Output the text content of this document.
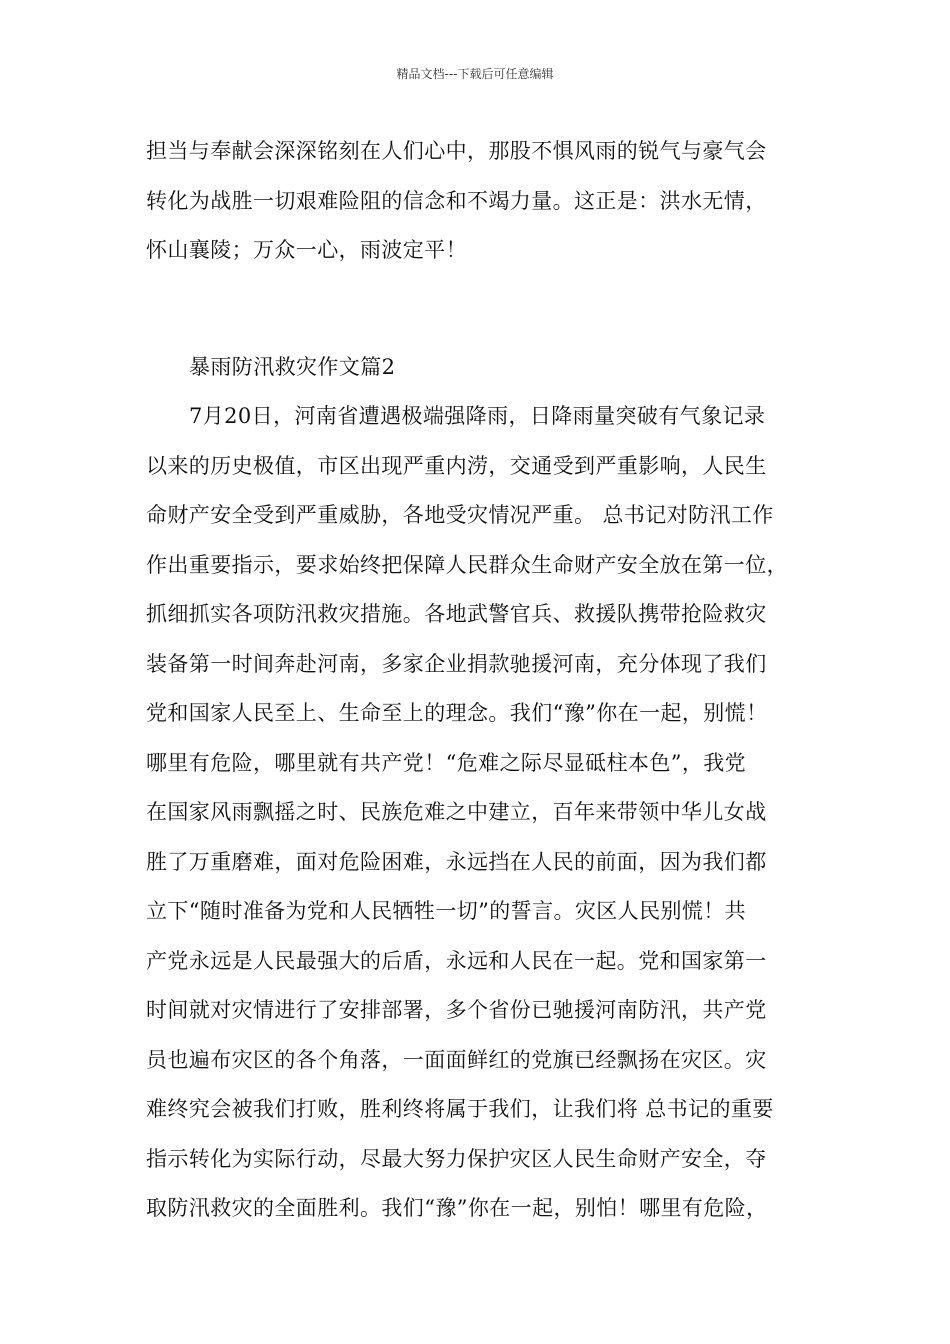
精品文档---下载后可任意编辑
担当与奉献会深深铭刻在人们心中，那股不惧风雨的锐气与豪气会
转化为战胜一切艰难险阻的信念和不竭力量。这正是：洪水无情，
怀山襄陵；万众一心，雨波定平！
暴雨防汛救灾作文篇2
7月20日，河南省遭遇极端强降雨，日降雨量突破有气象记录
以来的历史极值，市区出现严重内涝，交通受到严重影响，人民生
命财产安全受到严重威胁，各地受灾情况严重。 总书记对防汛工作
作出重要指示，要求始终把保障人民群众生命财产安全放在第一位，
抓细抓实各项防汛救灾措施。各地武警官兵、救援队携带抢险救灾
装备第一时间奔赴河南，多家企业捐款驰援河南，充分体现了我们
党和国家人民至上、生命至上的理念。我们“豫”你在一起，别慌！
哪里有危险，哪里就有共产党！“危难之际尽显砥柱本色”，我党
在国家风雨飘摇之时、民族危难之中建立，百年来带领中华儿女战
胜了万重磨难，面对危险困难，永远挡在人民的前面，因为我们都
立下“随时准备为党和人民牺牲一切”的誓言。灾区人民别慌！共
产党永远是人民最强大的后盾，永远和人民在一起。党和国家第一
时间就对灾情进行了安排部署，多个省份已驰援河南防汛，共产党
员也遍布灾区的各个角落，一面面鲜红的党旗已经飘扬在灾区。灾
难终究会被我们打败，胜利终将属于我们，让我们将 总书记的重要
指示转化为实际行动，尽最大努力保护灾区人民生命财产安全，夺
取防汛救灾的全面胜利。我们“豫”你在一起，别怕！哪里有危险，
